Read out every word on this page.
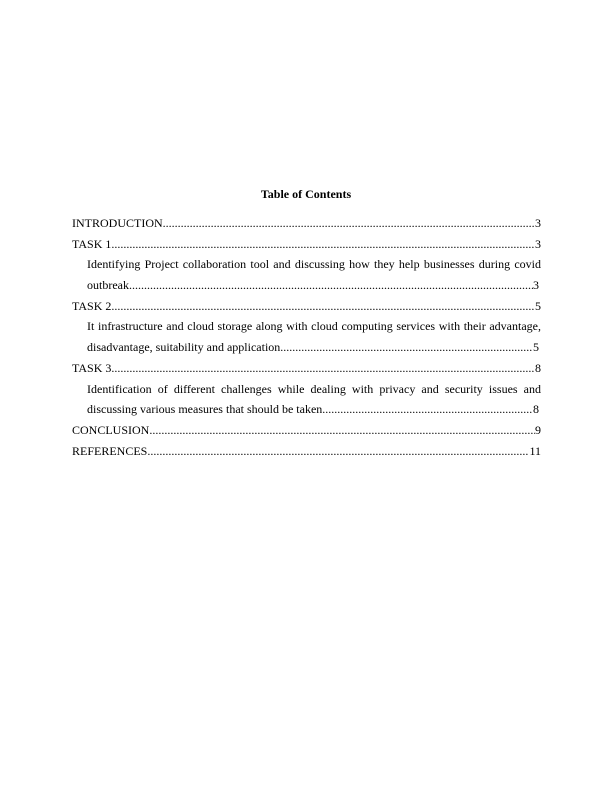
Table of Contents
INTRODUCTION .....	3
TASK 1 .....	3
Identifying Project collaboration tool and discussing how they help businesses during covid
outbreak .....	3
TASK 2 .....	5
It infrastructure and cloud storage along with cloud computing services with their advantage,
disadvantage, suitability and application .....	5
TASK 3 .....	8
Identification of different challenges while dealing with privacy and security issues and
discussing various measures that should be taken .....	8
CONCLUSION .....	9
REFERENCES .....	11
